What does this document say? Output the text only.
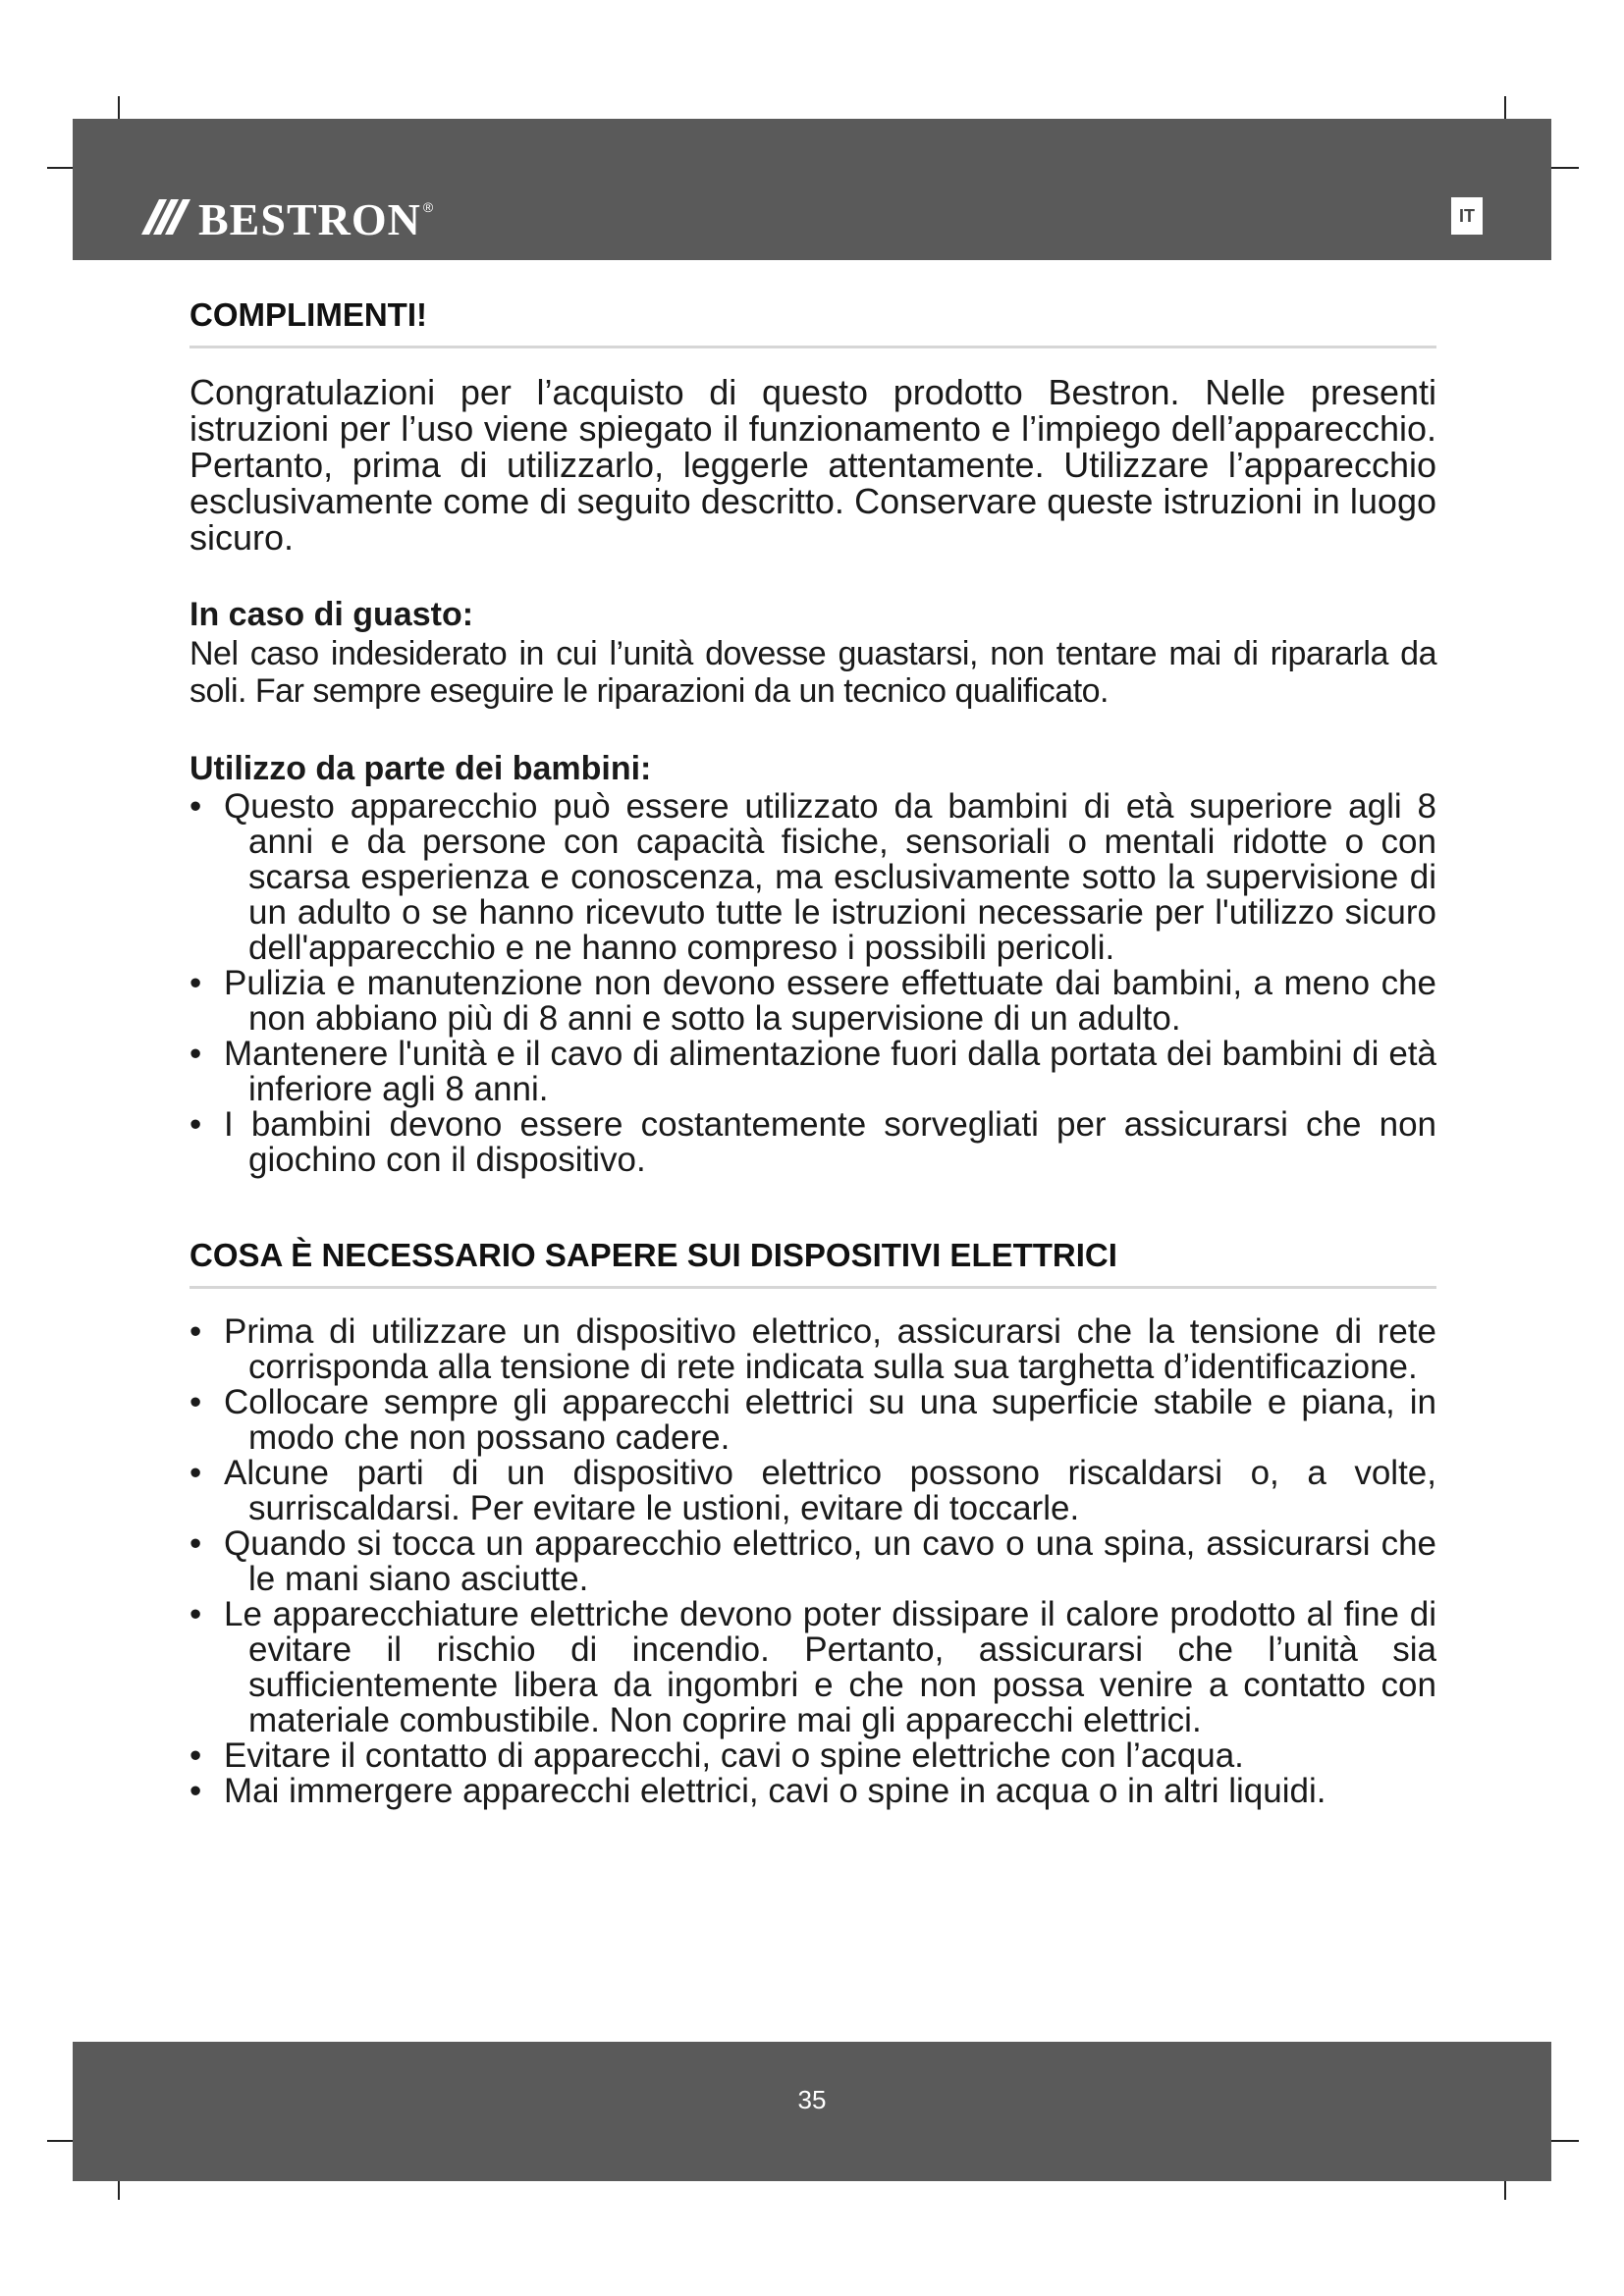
BESTRON ®	IT
COMPLIMENTI!

Congratulazioni per l’acquisto di questo prodotto Bestron. Nelle presenti istruzioni per l’uso viene spiegato il funzionamento e l’impiego dell’apparecchio. Pertanto, prima di utilizzarlo, leggerle attentamente. Utilizzare l’apparecchio esclusivamente come di seguito descritto. Conservare queste istruzioni in luogo sicuro.

In caso di guasto:

Nel caso indesiderato in cui l’unità dovesse guastarsi, non tentare mai di ripararla da soli. Far sempre eseguire le riparazioni da un tecnico qualificato.

Utilizzo da parte dei bambini:
• Questo apparecchio può essere utilizzato da bambini di età superiore agli 8 anni e da persone con capacità fisiche, sensoriali o mentali ridotte o con scarsa esperienza e conoscenza, ma esclusivamente sotto la supervisione di un adulto o se hanno ricevuto tutte le istruzioni necessarie per l'utilizzo sicuro dell'apparecchio e ne hanno compreso i possibili pericoli.
• Pulizia e manutenzione non devono essere effettuate dai bambini, a meno che non abbiano più di 8 anni e sotto la supervisione di un adulto.
• Mantenere l'unità e il cavo di alimentazione fuori dalla portata dei bambini di età inferiore agli 8 anni.
• I bambini devono essere costantemente sorvegliati per assicurarsi che non giochino con il dispositivo.
COSA È NECESSARIO SAPERE SUI DISPOSITIVI ELETTRICI
• Prima di utilizzare un dispositivo elettrico, assicurarsi che la tensione di rete corrisponda alla tensione di rete indicata sulla sua targhetta d’identificazione.
• Collocare sempre gli apparecchi elettrici su una superficie stabile e piana, in modo che non possano cadere.
• Alcune parti di un dispositivo elettrico possono riscaldarsi o, a volte, surriscaldarsi. Per evitare le ustioni, evitare di toccarle.
• Quando si tocca un apparecchio elettrico, un cavo o una spina, assicurarsi che le mani siano asciutte.
• Le apparecchiature elettriche devono poter dissipare il calore prodotto al fine di evitare il rischio di incendio. Pertanto, assicurarsi che l’unità sia sufficientemente libera da ingombri e che non possa venire a contatto con materiale combustibile. Non coprire mai gli apparecchi elettrici.
• Evitare il contatto di apparecchi, cavi o spine elettriche con l’acqua.
• Mai immergere apparecchi elettrici, cavi o spine in acqua o in altri liquidi.
35
